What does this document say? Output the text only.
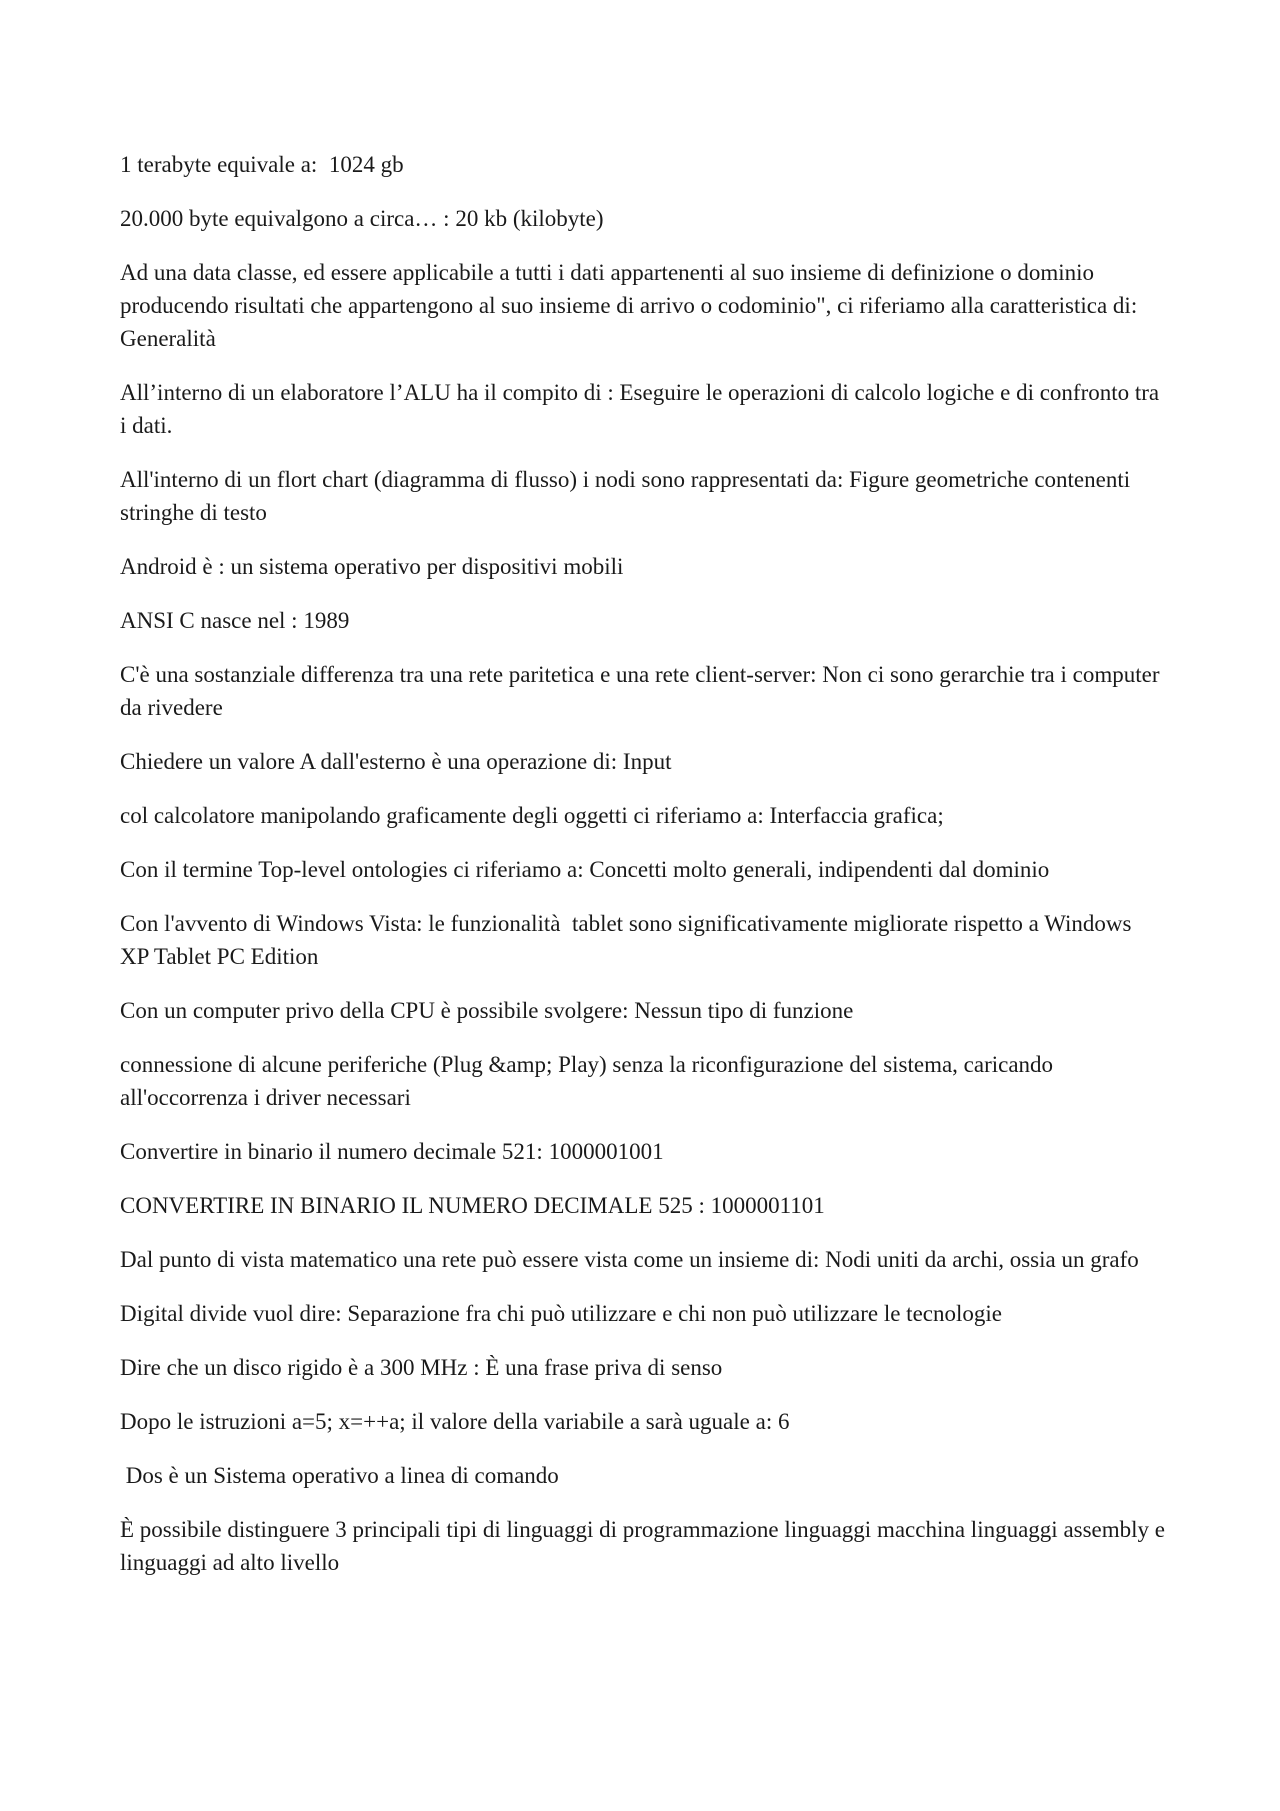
1 terabyte equivale a:  1024 gb

20.000 byte equivalgono a circa… : 20 kb (kilobyte)

Ad una data classe, ed essere applicabile a tutti i dati appartenenti al suo insieme di definizione o dominio producendo risultati che appartengono al suo insieme di arrivo o codominio", ci riferiamo alla caratteristica di: Generalità

All’interno di un elaboratore l’ALU ha il compito di : Eseguire le operazioni di calcolo logiche e di confronto tra i dati.

All'interno di un flort chart (diagramma di flusso) i nodi sono rappresentati da: Figure geometriche contenenti stringhe di testo

Android è : un sistema operativo per dispositivi mobili

ANSI C nasce nel : 1989

C'è una sostanziale differenza tra una rete paritetica e una rete client-server: Non ci sono gerarchie tra i computer da rivedere

Chiedere un valore A dall'esterno è una operazione di: Input

col calcolatore manipolando graficamente degli oggetti ci riferiamo a: Interfaccia grafica;

Con il termine Top-level ontologies ci riferiamo a: Concetti molto generali, indipendenti dal dominio

Con l'avvento di Windows Vista: le funzionalità  tablet sono significativamente migliorate rispetto a Windows XP Tablet PC Edition

Con un computer privo della CPU è possibile svolgere: Nessun tipo di funzione

connessione di alcune periferiche (Plug &amp; Play) senza la riconfigurazione del sistema, caricando all'occorrenza i driver necessari

Convertire in binario il numero decimale 521: 1000001001

CONVERTIRE IN BINARIO IL NUMERO DECIMALE 525 : 1000001101

Dal punto di vista matematico una rete può essere vista come un insieme di: Nodi uniti da archi, ossia un grafo

Digital divide vuol dire: Separazione fra chi può utilizzare e chi non può utilizzare le tecnologie

Dire che un disco rigido è a 300 MHz : È una frase priva di senso

Dopo le istruzioni a=5; x=++a; il valore della variabile a sarà uguale a: 6

Dos è un Sistema operativo a linea di comando

È possibile distinguere 3 principali tipi di linguaggi di programmazione linguaggi macchina linguaggi assembly e linguaggi ad alto livello
